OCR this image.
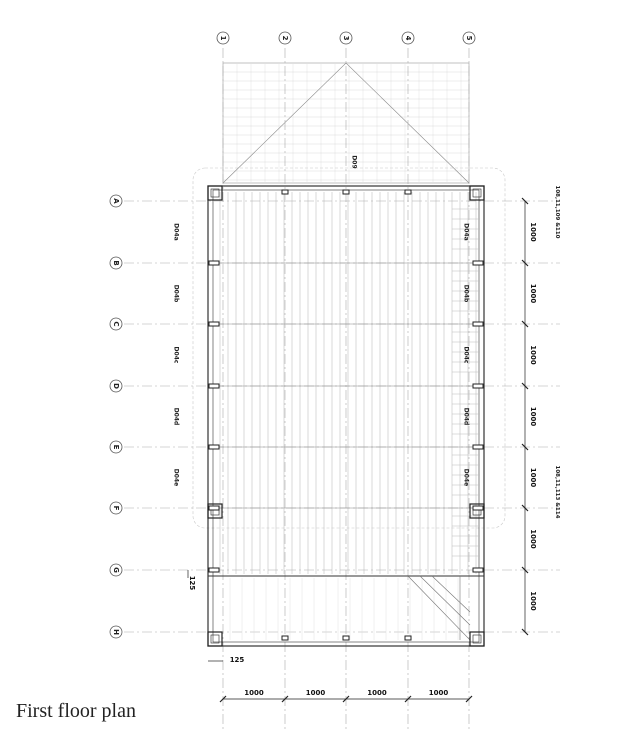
1	2	3	4	5
A
B
C
D
E
F
G
H
D09
D04a
D04b
D04c
D04d
D04e
D04a
D04b
D04c
D04d
D04e
108,11,109 &110
108,11,113 &114
1000	1000	1000	1000
1000
1000
1000
1000
1000
1000
1000
125
125
First floor plan
